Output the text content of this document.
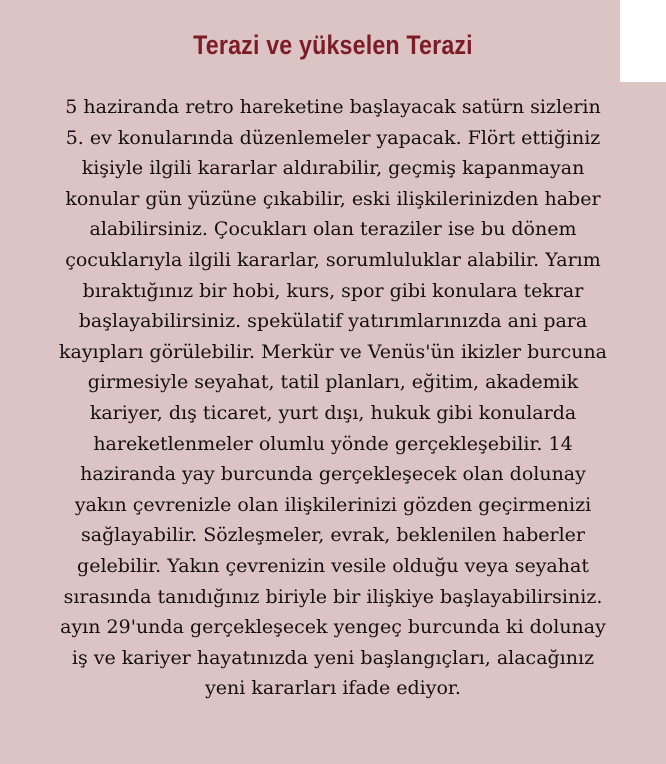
Terazi ve yükselen Terazi
5 haziranda retro hareketine başlayacak satürn sizlerin
5. ev konularında düzenlemeler yapacak. Flört ettiğiniz
kişiyle ilgili kararlar aldırabilir, geçmiş kapanmayan
konular gün yüzüne çıkabilir, eski ilişkilerinizden haber
alabilirsiniz. Çocukları olan teraziler ise bu dönem
çocuklarıyla ilgili kararlar, sorumluluklar alabilir. Yarım
bıraktığınız bir hobi, kurs, spor gibi konulara tekrar
başlayabilirsiniz. spekülatif yatırımlarınızda ani para
kayıpları görülebilir. Merkür ve Venüs'ün ikizler burcuna
girmesiyle seyahat, tatil planları, eğitim, akademik
kariyer, dış ticaret, yurt dışı, hukuk gibi konularda
hareketlenmeler olumlu yönde gerçekleşebilir. 14
haziranda yay burcunda gerçekleşecek olan dolunay
yakın çevrenizle olan ilişkilerinizi gözden geçirmenizi
sağlayabilir. Sözleşmeler, evrak, beklenilen haberler
gelebilir. Yakın çevrenizin vesile olduğu veya seyahat
sırasında tanıdığınız biriyle bir ilişkiye başlayabilirsiniz.
ayın 29'unda gerçekleşecek yengeç burcunda ki dolunay
iş ve kariyer hayatınızda yeni başlangıçları, alacağınız
yeni kararları ifade ediyor.
